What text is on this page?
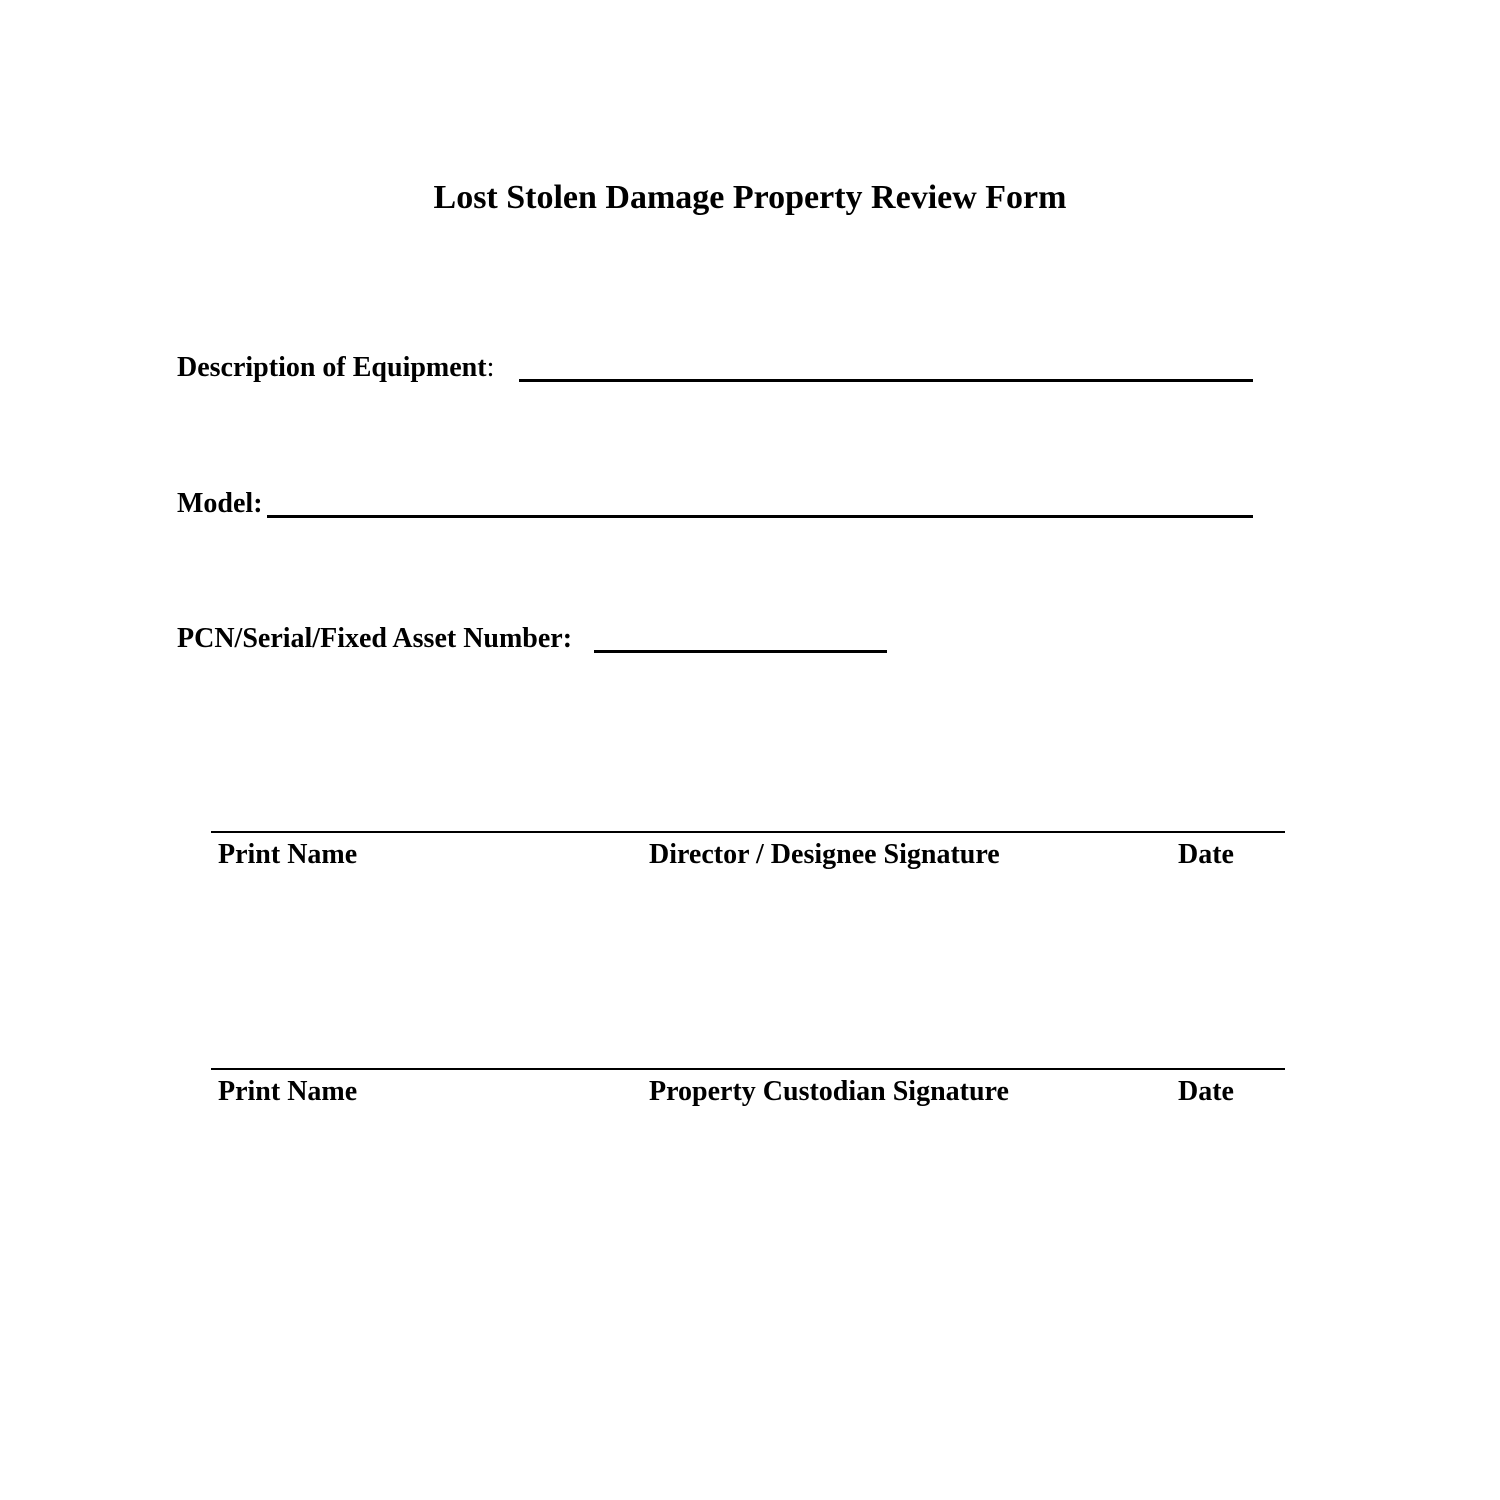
Lost Stolen Damage Property Review Form
Description of Equipment:
Model:
PCN/Serial/Fixed Asset Number:
Print Name	Director / Designee Signature	Date
Print Name	Property Custodian Signature	Date
